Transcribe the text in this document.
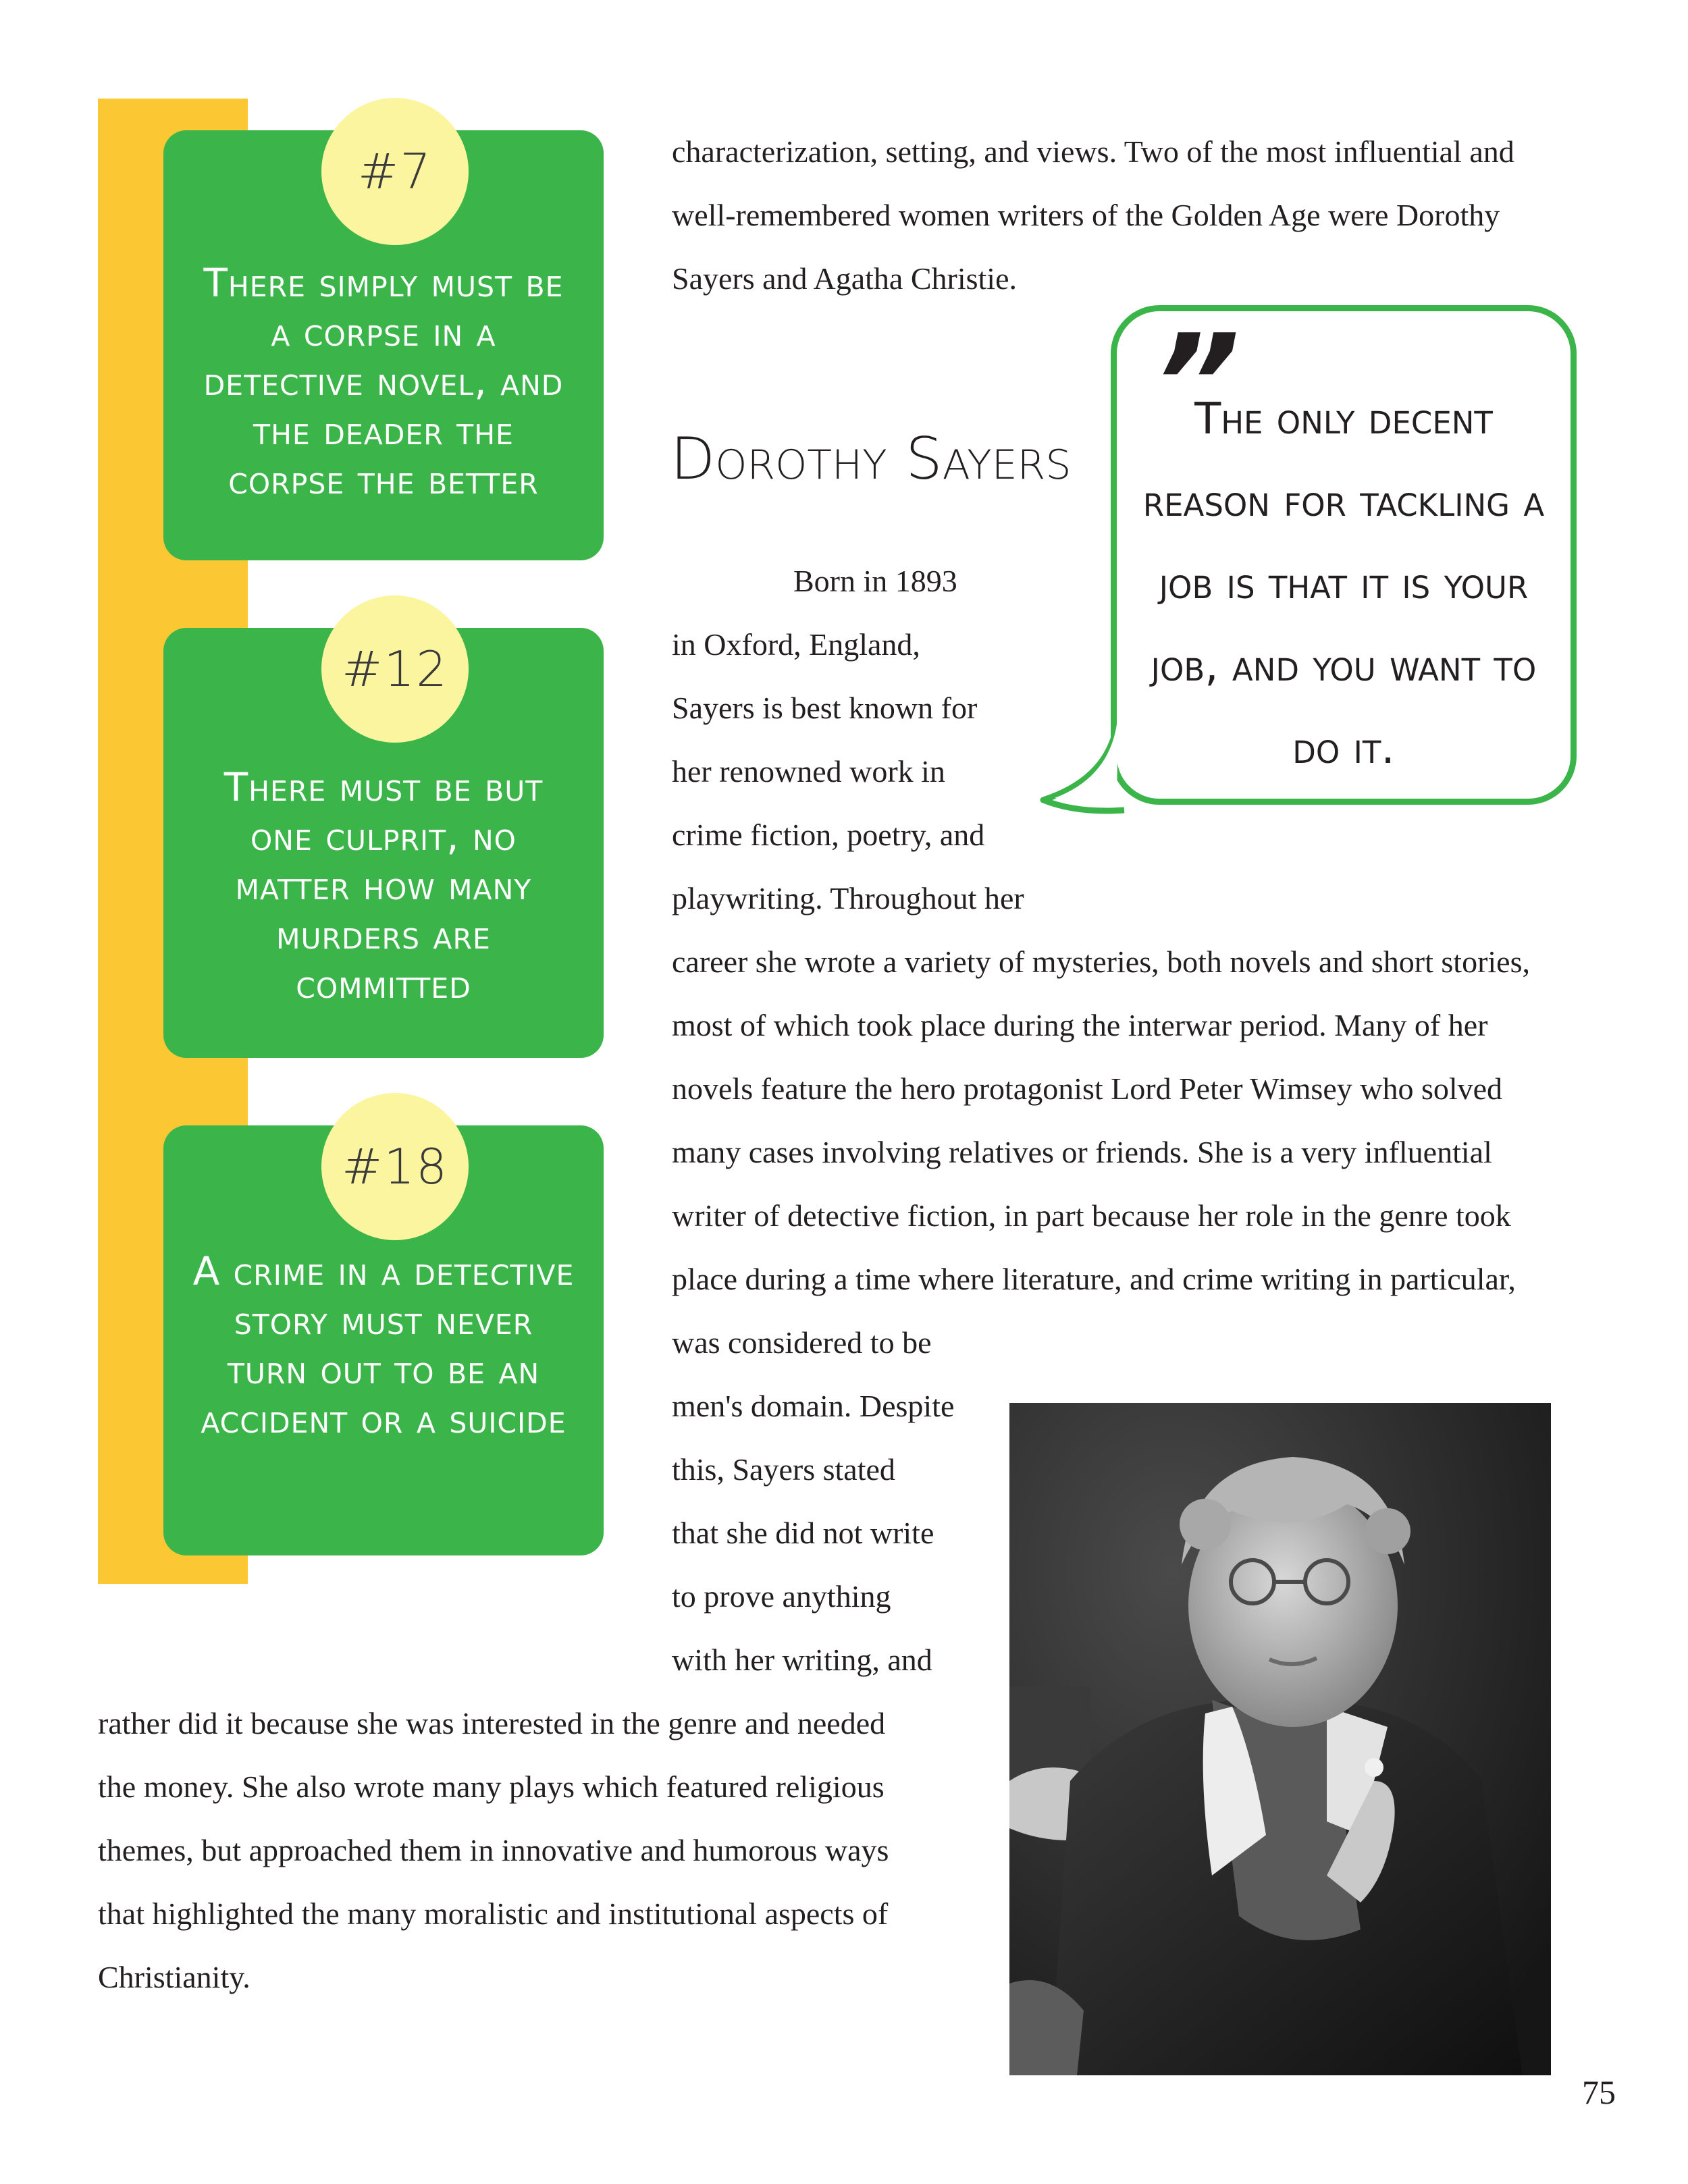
#7
There simply must be a corpse in a detective novel, and the deader the corpse the better
#12
There must be but one culprit, no matter how many murders are committed
#18
A crime in a detective story must never turn out to be an accident or a suicide

characterization, setting, and views. Two of the most influential and

well-remembered women writers of the Golden Age were Dorothy

Sayers and Agatha Christie.

Dorothy Sayers ”

The only decent reason for tackling a job is that it is your job, and you want to do it.

Born in 1893

in Oxford, England,

Sayers is best known for

her renowned work in

crime fiction, poetry, and

playwriting. Throughout her

career she wrote a variety of mysteries, both novels and short stories,

most of which took place during the interwar period. Many of her

novels feature the hero protagonist Lord Peter Wimsey who solved

many cases involving relatives or friends. She is a very influential

writer of detective fiction, in part because her role in the genre took

place during a time where literature, and crime writing in particular,

was considered to be

men's domain. Despite

this, Sayers stated

that she did not write

to prove anything

with her writing, and

rather did it because she was interested in the genre and needed

the money. She also wrote many plays which featured religious

themes, but approached them in innovative and humorous ways

that highlighted the many moralistic and institutional aspects of

Christianity.

75
